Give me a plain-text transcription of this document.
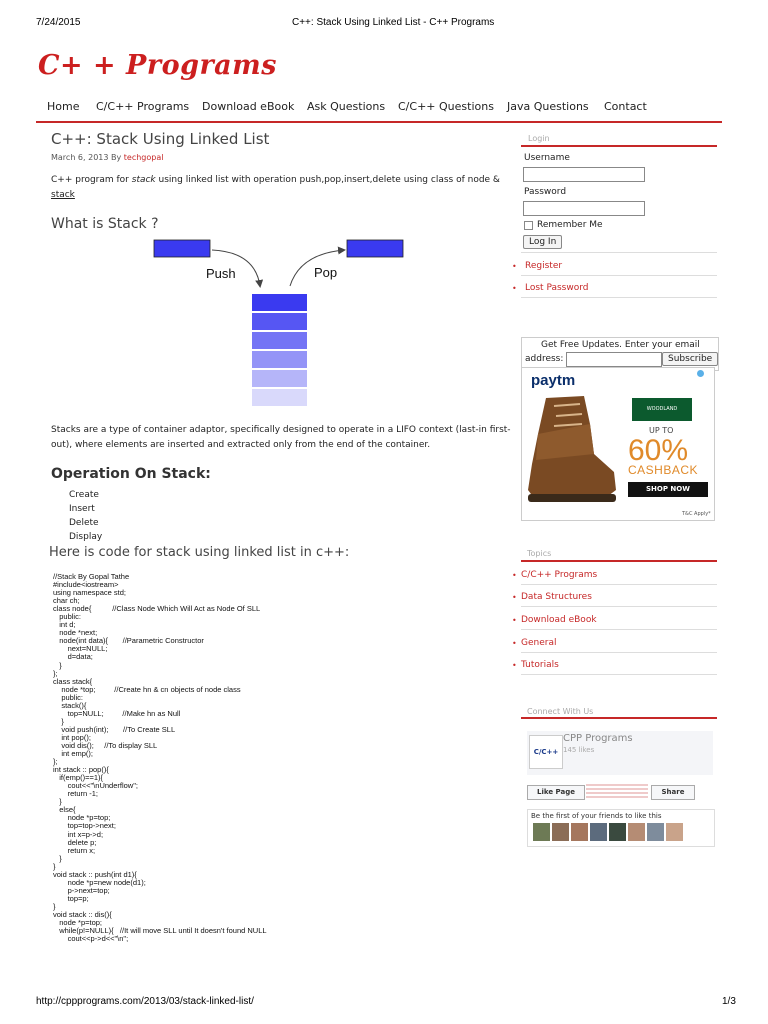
7/24/2015	C++: Stack Using Linked List - C++ Programs
C+ + Programs
Home C/C++ Programs Download eBook Ask Questions C/C++ Questions Java Questions Contact
C++: Stack Using Linked List
March 6, 2013 By techgopal
C++ program for stack using linked list with operation push,pop,insert,delete using class of node &
stack
What is Stack ?
Push	Pop
Stacks are a type of container adaptor, specifically designed to operate in a LIFO context (last-in first-out), where elements are inserted and extracted only from the end of the container.
Operation On Stack:
Create
Insert
Delete
Display
Here is code for stack using linked list in c++:
//Stack By Gopal Tathe
#include<iostream>
using namespace std;
char ch;
class node{          //Class Node Which Will Act as Node Of SLL
public:
int d;
node *next;
node(int data){       //Parametric Constructor
next=NULL;
d=data;
}
};
class stack{
node *top;         //Create hn & cn objects of node class
public:
stack(){
top=NULL;         //Make hn as Null
}
void push(int);       //To Create SLL
int pop();
void dis();     //To display SLL
int emp();
};
int stack :: pop(){
if(emp()==1){
cout<<"\nUnderflow";
return -1;
}
else{
node *p=top;
top=top->next;
int x=p->d;
delete p;
return x;
}
}
void stack :: push(int d1){
node *p=new node(d1);
p->next=top;
top=p;
}
void stack :: dis(){
node *p=top;
while(p!=NULL){   //It will move SLL until It doesn't found NULL
cout<<p->d<<"\n";
Login
Username
Password
Remember Me
Log In
• Register
• Lost Password
Get Free Updates. Enter your email
address:	Subscribe
paytm
WOODLAND
UP TO
60%
CASHBACK
SHOP NOW
T&C Apply*
Topics
• C/C++ Programs
• Data Structures
• Download eBook
• General
• Tutorials
Connect With Us
C/C++
CPP Programs
145 likes
Like Page	Share
Be the first of your friends to like this
http://cppprograms.com/2013/03/stack-linked-list/	1/3
